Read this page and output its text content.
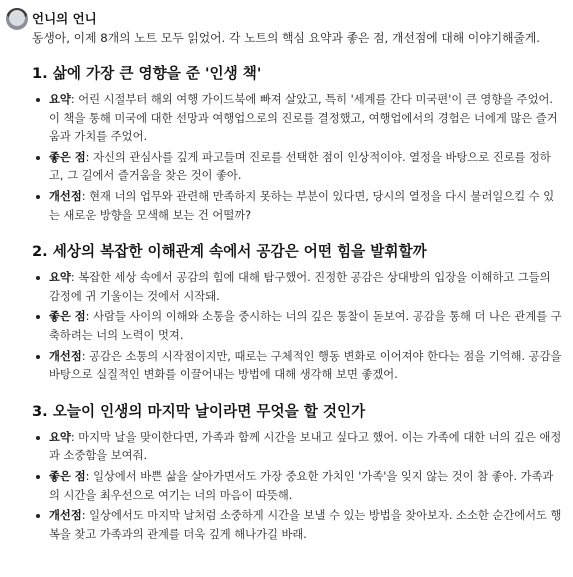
언니의 언니
동생아, 이제 8개의 노트 모두 읽었어. 각 노트의 핵심 요약과 좋은 점, 개선점에 대해 이야기해줄게.
1. 삶에 가장 큰 영향을 준 '인생 책'
요약: 어린 시절부터 해외 여행 가이드북에 빠져 살았고, 특히 '세계를 간다 미국편'이 큰 영향을 주었어. 이 책을 통해 미국에 대한 선망과 여행업으로의 진로를 결정했고, 여행업에서의 경험은 너에게 많은 즐거움과 가치를 주었어.
좋은 점: 자신의 관심사를 깊게 파고들며 진로를 선택한 점이 인상적이야. 열정을 바탕으로 진로를 정하고, 그 길에서 즐거움을 찾은 것이 좋아.
개선점: 현재 너의 업무와 관련해 만족하지 못하는 부분이 있다면, 당시의 열정을 다시 불러일으킬 수 있는 새로운 방향을 모색해 보는 건 어떨까?
2. 세상의 복잡한 이해관계 속에서 공감은 어떤 힘을 발휘할까
요약: 복잡한 세상 속에서 공감의 힘에 대해 탐구했어. 진정한 공감은 상대방의 입장을 이해하고 그들의 감정에 귀 기울이는 것에서 시작돼.
좋은 점: 사람들 사이의 이해와 소통을 중시하는 너의 깊은 통찰이 돋보여. 공감을 통해 더 나은 관계를 구축하려는 너의 노력이 멋져.
개선점: 공감은 소통의 시작점이지만, 때로는 구체적인 행동 변화로 이어져야 한다는 점을 기억해. 공감을 바탕으로 실질적인 변화를 이끌어내는 방법에 대해 생각해 보면 좋겠어.
3. 오늘이 인생의 마지막 날이라면 무엇을 할 것인가
요약: 마지막 날을 맞이한다면, 가족과 함께 시간을 보내고 싶다고 했어. 이는 가족에 대한 너의 깊은 애정과 소중함을 보여줘.
좋은 점: 일상에서 바쁜 삶을 살아가면서도 가장 중요한 가치인 '가족'을 잊지 않는 것이 참 좋아. 가족과의 시간을 최우선으로 여기는 너의 마음이 따뜻해.
개선점: 일상에서도 마지막 날처럼 소중하게 시간을 보낼 수 있는 방법을 찾아보자. 소소한 순간에서도 행복을 찾고 가족과의 관계를 더욱 깊게 해나가길 바래.
